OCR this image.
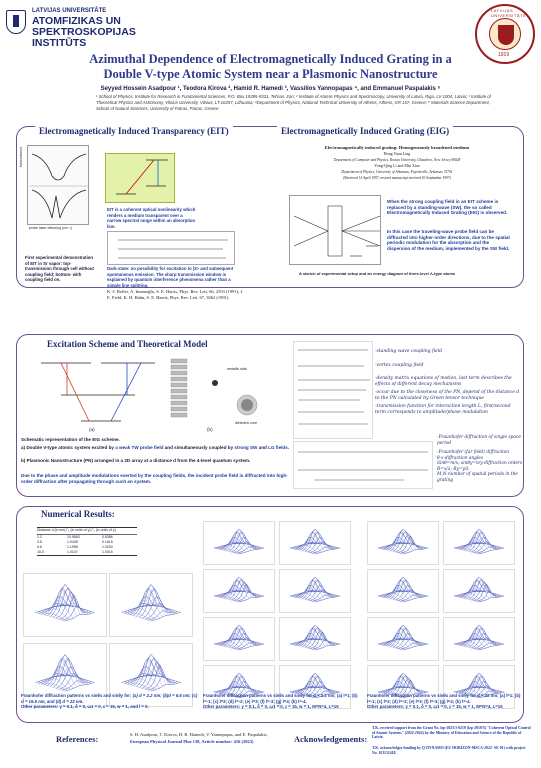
LATVIJAS UNIVERSITĀTE
ATOMFIZIKAS UN SPEKTROSKOPIJAS INSTITŪTS
LATVIJAS UNIVERSITĀTE
1919
Azimuthal Dependence of Electromagnetically Induced Grating in a Double V-type Atomic System near a Plasmonic Nanostructure
Seyyed Hossein Asadpour ¹, Teodora Kirova ², Hamid R. Hamedi ³, Vassilios Yannopapas ⁴, and Emmanuel Paspalakis ⁵
¹ School of Physics, Institute for Research in Fundamental Sciences, P.O. Box 19395-5531, Tehran, Iran; ² Institute of Atomic Physics and Spectroscopy, University of Latvia, Riga, LV-1004, Latvia; ³ Institute of Theoretical Physics and Astronomy, Vilnius University, Vilnius, LT-10257, Lithuania; ⁴Department of Physics, National Technical University of Athens, Athens, GR 157, Greece; ⁵ Materials Science Department, School of Natural Sciences, University of Patras, Patras, Greece
Electromagnetically Induced Transparency (EIT)	Electromagnetically Induced Grating (EIG)
probe laser detuning (cm⁻¹)
transmission
First experimental demonstration of EIT in Sr vapor: top- transmission through cell without coupling field; bottom- with coupling field on.
EIT is a coherent optical nonlinearity which renders a medium transparent over a narrow spectral range within an absorption line.
Dark-state: no possibility for excitation to |3> and subsequent spontaneous emission. The sharp transmission window is explained by quantum interference phenomena rather than a simple line splitting.
K.-J. Boller, A. Imamoğlu, S. E. Harris, Phys. Rev. Lett. 66, 2593 (1991); J. E. Field, K. H. Hahn, S. E. Harris, Phys. Rev. Lett. 67, 3062 (1991).
Electromagnetically induced grating: Homogeneously broadened medium
Hong Yuan Ling
Department of Computer and Physics, Rowan University, Glassboro, New Jersey 08028
Yong-Qing Li and Min Xiao
Department of Physics, University of Arkansas, Fayetteville, Arkansas 72701
(Received 14 April 1997; revised manuscript received 10 September 1997)
When the strong coupling field in an EIT scheme is replaced by a standing-wave (SW), the so called Electromagnetically Induced Grating (EIG) is observed.
In this case the traveling-wave probe field can be diffracted into higher-order directions, due to the spatial periodic modulation for the absorption and the dispersion of the medium, implemented by the SW field.
A sketch of experimental setup and an energy diagram of three-level Λ-type atoms
Excitation Scheme and Theoretical Model
(a)
metallic slab
dielectric core
(b)
Schematic representation of the EIG scheme.
a) Double V-type atomic system excited by a weak TW probe field and simultaneously coupled by strong SW and LG fields.
b) Plasmonic Nanostructure (PN) arranged in a 2D array at a distance d from the 4-level quantum system.
Due to the phase and amplitude modulations exerted by the coupling fields, the incident probe field is diffracted into high-order diffraction after propagating through such an system.
-standing wave coupling field
-vortex coupling field
-density matrix equations of motion, last term describes the effects of different decay mechanisms
-occur due to the closeness of the PN, depend of the distance d to the PN calculated by Green tensor technique
-transmission function for interaction length L, first/second term corresponds to amplitude/phase modulation
-Fraunhofer diffraction of single space period
-Fraunhofer (far field) diffraction
θ-x-diffraction angles
Sinθ=m/x; sinθy=n/y-diffraction orders
R=x/λ; Ry=y/λ
M,N-number of spatial periods in the grating
Numerical Results:
Distance d (in nm) Γ₁ (in units of γ) Γ₂ (in units of γ)
2.2	10.9863	0.8386
3.5	1.9438	0.1616
5.6	1.1958	1.0034
16.0	1.0107	1.0016
Fraunhofer diffraction patterns vs sinθx and sinθy for: (a) d = 2.2 nm; (b)d = 6.6 nm; (c) d = 19.8 nm, and (d) d = 22 nm.
Other parameters: γ = 0.1, δ = 0, ω1 = 0, ε = 15, w = 1, and l = 0.
Fraunhofer diffraction patterns vs sinθx and sinθy for d = 2.2 nm; (a) l=1; (b) l=-1; (c) l=2; (d) l=-2; (e) l=3; (f) l=-3; (g) l=4; (h) l=-4.
Other parameters: γ = 0.1, δ = 0, ω1 = 0, ε = 15, w = 1, M=N=4, L=15
Fraunhofer diffraction patterns vs sinθx and sinθy for d = 22 nm; (a) l=1; (b) l=-1; (c) l=2; (d) l=-2; (e) l=3; (f) l=-3; (g) l=4; (h) l=-4.
Other parameters: γ = 0.1, δ = 0, ω1 = 0, ε = 15, w = 1, M=N=4, L=15
References:	S. H. Asadpour, T. Kirova, H. R. Hamedi, V. Yannopapas, and E. Paspalakis,
European Physical Journal Plus 138, Article number: 416 (2023)	Acknowledgements:
T.K. received support from the Grant No. lzp-2023/1-0219 (lzp-2019/5) "Coherent Optical Control of Atomic Systems" (2022-2024) by the Ministry of Education and Science of the Republic of Latvia.
T.K. acknowledges funding by Q-DYNAMO (EU HORIZON-MSCA-2022- SE-01) with project No. 101131418.
